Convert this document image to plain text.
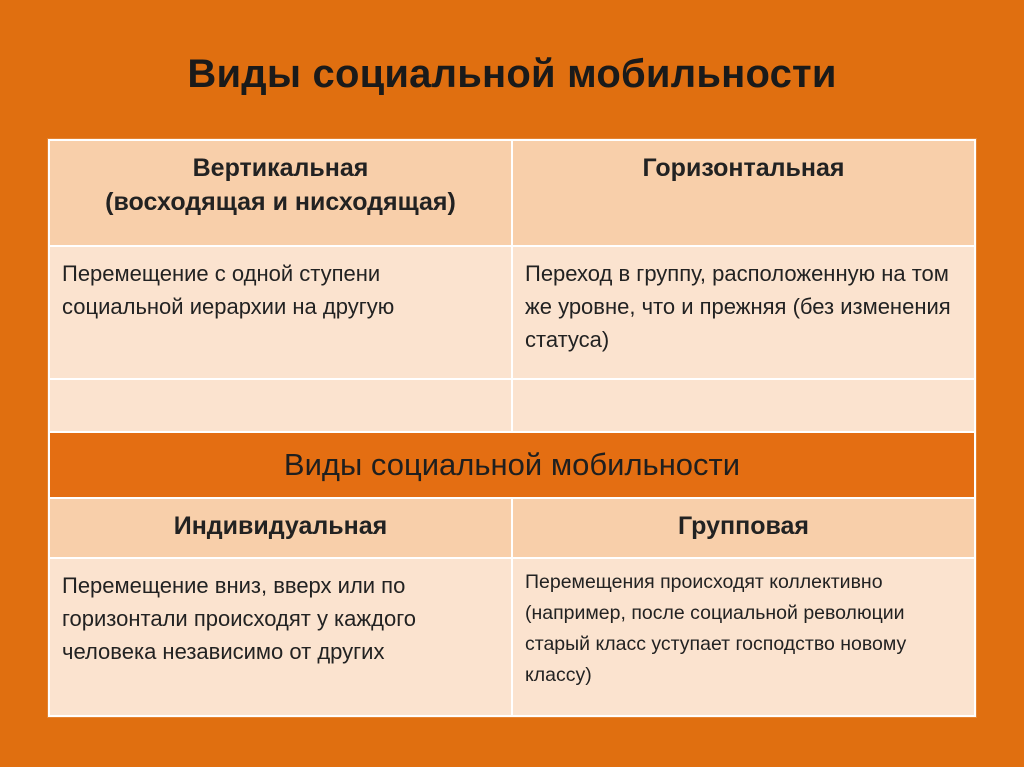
Виды социальной мобильности
Вертикальная
(восходящая и нисходящая)
Горизонтальная
Перемещение с одной ступени социальной иерархии на другую
Переход в группу, расположенную на том же уровне, что и прежняя (без изменения статуса)
Виды социальной мобильности
Индивидуальная	Групповая
Перемещение вниз, вверх или по горизонтали происходят у каждого человека независимо от других
Перемещения происходят коллективно (например, после социальной революции старый класс уступает господство новому классу)
